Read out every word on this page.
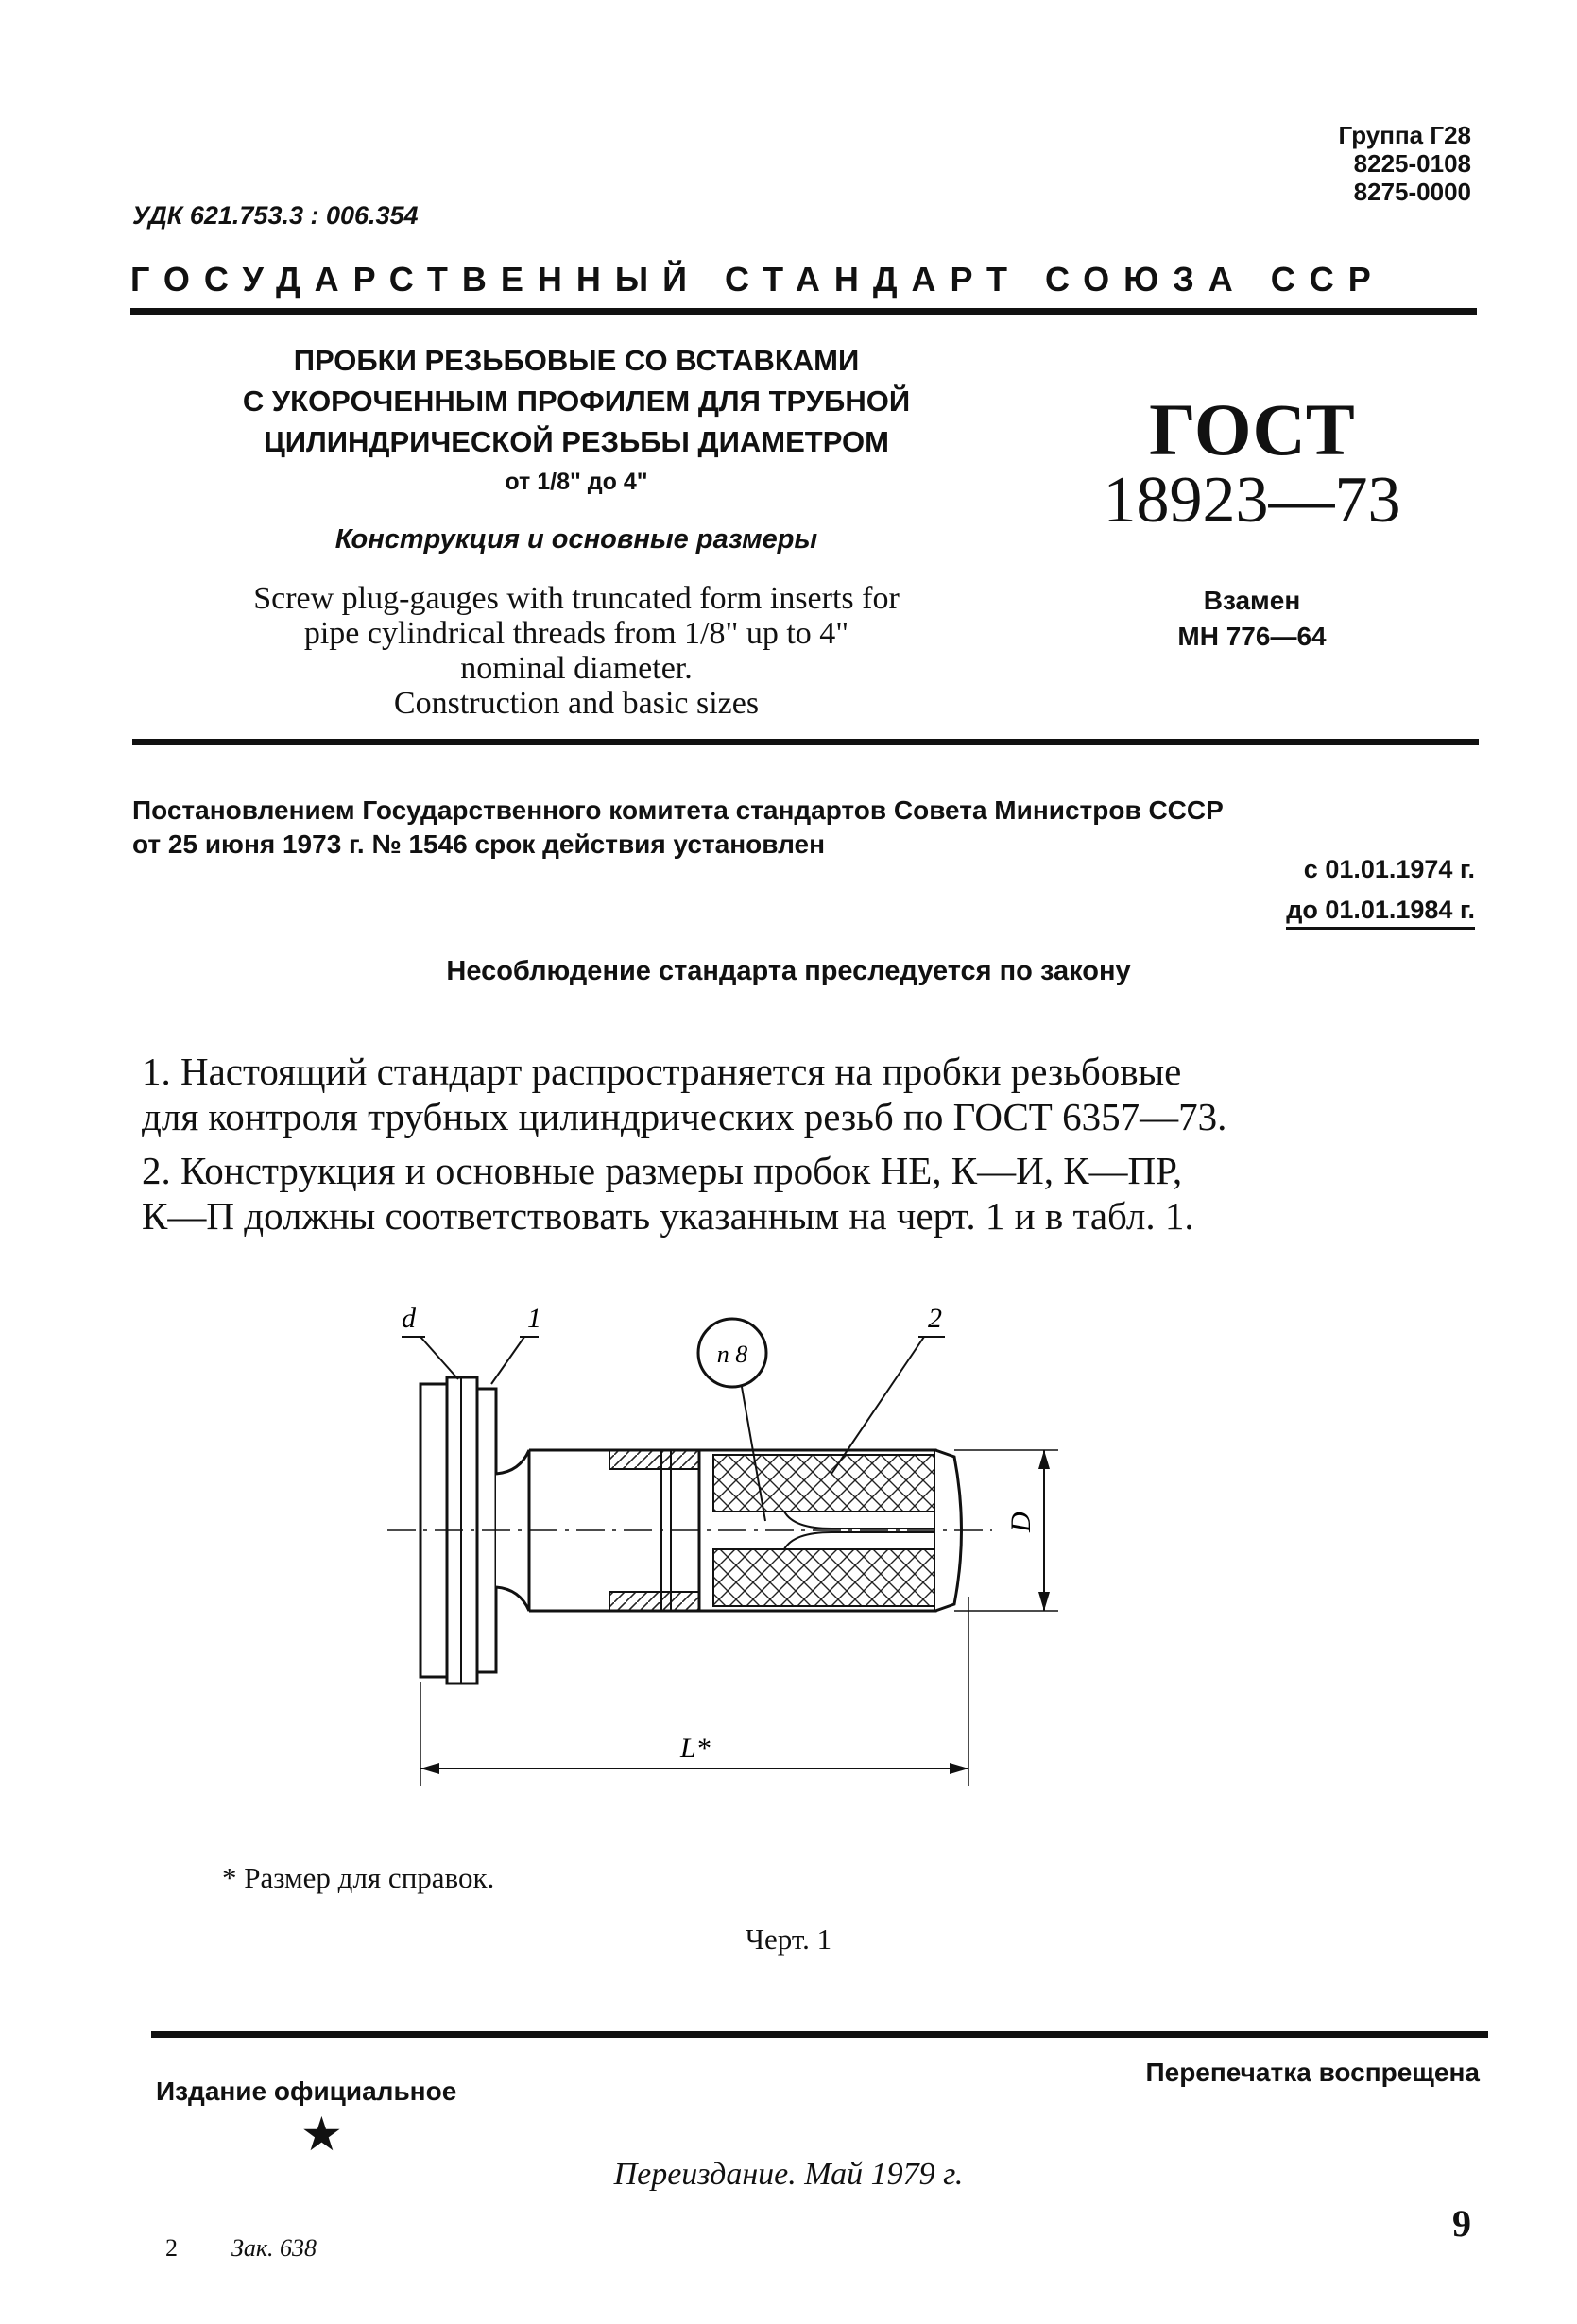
Группа Г28
8225-0108
8275-0000
УДК 621.753.3 : 006.354
ГОСУДАРСТВЕННЫЙ СТАНДАРТ СОЮЗА ССР
ПРОБКИ РЕЗЬБОВЫЕ СО ВСТАВКАМИ
С УКОРОЧЕННЫМ ПРОФИЛЕМ ДЛЯ ТРУБНОЙ
ЦИЛИНДРИЧЕСКОЙ РЕЗЬБЫ ДИАМЕТРОМ
от 1/8" до 4"
Конструкция и основные размеры
Screw plug-gauges with truncated form inserts for
pipe cylindrical threads from 1/8" up to 4"
nominal diameter.
Construction and basic sizes
ГОСТ
18923—73
Взамен
МН 776—64
Постановлением Государственного комитета стандартов Совета Министров СССР
от 25 июня 1973 г. № 1546 срок действия установлен
с 01.01.1974 г.
до 01.01.1984 г.
Несоблюдение стандарта преследуется по закону
1. Настоящий стандарт распространяется на пробки резьбовые
для контроля трубных цилиндрических резьб по ГОСТ 6357—73.
2. Конструкция и основные размеры пробок НЕ, К—И, К—ПР,
К—П должны соответствовать указанным на черт. 1 и в табл. 1.
п 8
d	1	2
D
L*
* Размер для справок.
Черт. 1
Издание официальное
Перепечатка воспрещена
★
Переиздание. Май 1979 г.
9
2 Зак. 638
